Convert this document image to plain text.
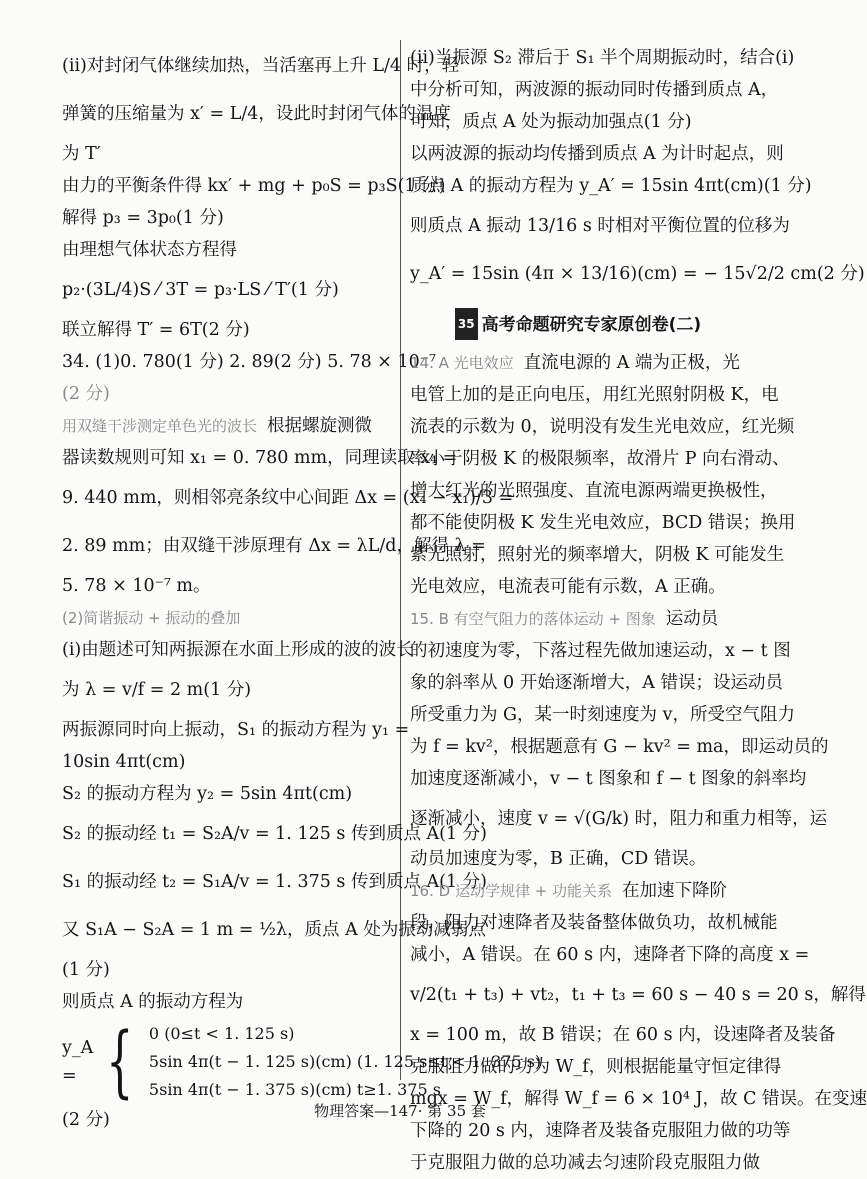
(ⅱ)对封闭气体继续加热，当活塞再上升 L/4 时，轻
弹簧的压缩量为 x′ = L/4，设此时封闭气体的温度
为 T′
由力的平衡条件得 kx′ + mg + p₀S = p₃S(1 分)
解得 p₃ = 3p₀(1 分)
由理想气体状态方程得
p₂·(3L/4)S ⁄ 3T = p₃·LS ⁄ T′(1 分)
联立解得 T′ = 6T(2 分)
34. (1)0. 780(1 分) 2. 89(2 分) 5. 78 × 10⁻⁷
(2 分)
用双缝干涉测定单色光的波长 根据螺旋测微
器读数规则可知 x₁ = 0. 780 mm，同理读取 x₄ =
9. 440 mm，则相邻亮条纹中心间距 Δx = (x₄ − x₁)/3 =
2. 89 mm；由双缝干涉原理有 Δx = λL/d，解得 λ =
5. 78 × 10⁻⁷ m。
(2)简谐振动 + 振动的叠加
(ⅰ)由题述可知两振源在水面上形成的波的波长
为 λ = v/f = 2 m(1 分)
两振源同时向上振动，S₁ 的振动方程为 y₁ =
10sin 4πt(cm)
S₂ 的振动方程为 y₂ = 5sin 4πt(cm)
S₂ 的振动经 t₁ = S₂A/v = 1. 125 s 传到质点 A(1 分)
S₁ 的振动经 t₂ = S₁A/v = 1. 375 s 传到质点 A(1 分)
又 S₁A − S₂A = 1 m = ½λ，质点 A 处为振动减弱点
(1 分)
则质点 A 的振动方程为
y_A = { 0 (0≤t < 1. 125 s)
5sin 4π(t − 1. 125 s)(cm) (1. 125 s≤t < 1. 375 s)
5sin 4π(t − 1. 375 s)(cm) t≥1. 375 s
(2 分)
(ⅱ)当振源 S₂ 滞后于 S₁ 半个周期振动时，结合(ⅰ)
中分析可知，两波源的振动同时传播到质点 A，
可知，质点 A 处为振动加强点(1 分)
以两波源的振动均传播到质点 A 为计时起点，则
质点 A 的振动方程为 y_A′ = 15sin 4πt(cm)(1 分)
则质点 A 振动 13/16 s 时相对平衡位置的位移为
y_A′ = 15sin (4π × 13/16)(cm) = − 15√2/2 cm(2 分)
35 高考命题研究专家原创卷(二)
14. A 光电效应 直流电源的 A 端为正极，光
电管上加的是正向电压，用红光照射阴极 K，电
流表的示数为 0，说明没有发生光电效应，红光频
率小于阴极 K 的极限频率，故滑片 P 向右滑动、
增大红光的光照强度、直流电源两端更换极性，
都不能使阴极 K 发生光电效应，BCD 错误；换用
紫光照射，照射光的频率增大，阴极 K 可能发生
光电效应，电流表可能有示数，A 正确。
15. B 有空气阻力的落体运动 + 图象 运动员
的初速度为零，下落过程先做加速运动，x − t 图
象的斜率从 0 开始逐渐增大，A 错误；设运动员
所受重力为 G，某一时刻速度为 v，所受空气阻力
为 f = kv²，根据题意有 G − kv² = ma，即运动员的
加速度逐渐减小，v − t 图象和 f − t 图象的斜率均
逐渐减小，速度 v = √(G/k) 时，阻力和重力相等，运
动员加速度为零，B 正确，CD 错误。
16. D 运动学规律 + 功能关系 在加速下降阶
段，阻力对速降者及装备整体做负功，故机械能
减小，A 错误。在 60 s 内，速降者下降的高度 x =
v/2(t₁ + t₃) + vt₂，t₁ + t₃ = 60 s − 40 s = 20 s，解得
x = 100 m，故 B 错误；在 60 s 内，设速降者及装备
克服阻力做的功为 W_f，则根据能量守恒定律得
mgx = W_f，解得 W_f = 6 × 10⁴ J，故 C 错误。在变速
下降的 20 s 内，速降者及装备克服阻力做的功等
于克服阻力做的总功减去匀速阶段克服阻力做
物理答案—147· 第 35 套
